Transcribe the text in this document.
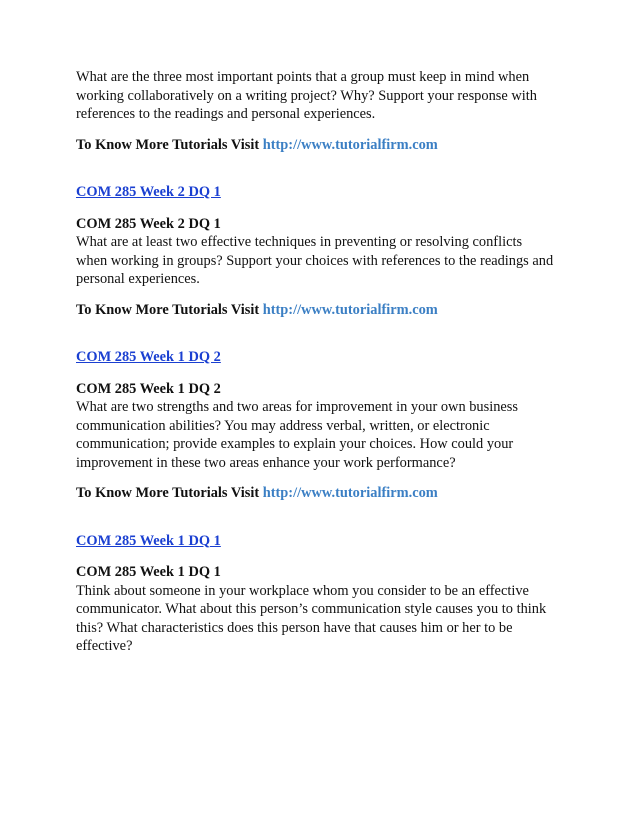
What are the three most important points that a group must keep in mind when
working collaboratively on a writing project? Why? Support your response with
references to the readings and personal experiences.

To Know More Tutorials Visit http://www.tutorialfirm.com

COM 285 Week 2 DQ 1

COM 285 Week 2 DQ 1

What are at least two effective techniques in preventing or resolving conflicts
when working in groups? Support your choices with references to the readings and
personal experiences.

To Know More Tutorials Visit http://www.tutorialfirm.com

COM 285 Week 1 DQ 2

COM 285 Week 1 DQ 2

What are two strengths and two areas for improvement in your own business
communication abilities? You may address verbal, written, or electronic
communication; provide examples to explain your choices. How could your
improvement in these two areas enhance your work performance?

To Know More Tutorials Visit http://www.tutorialfirm.com

COM 285 Week 1 DQ 1

COM 285 Week 1 DQ 1

Think about someone in your workplace whom you consider to be an effective
communicator. What about this person’s communication style causes you to think
this? What characteristics does this person have that causes him or her to be
effective?
